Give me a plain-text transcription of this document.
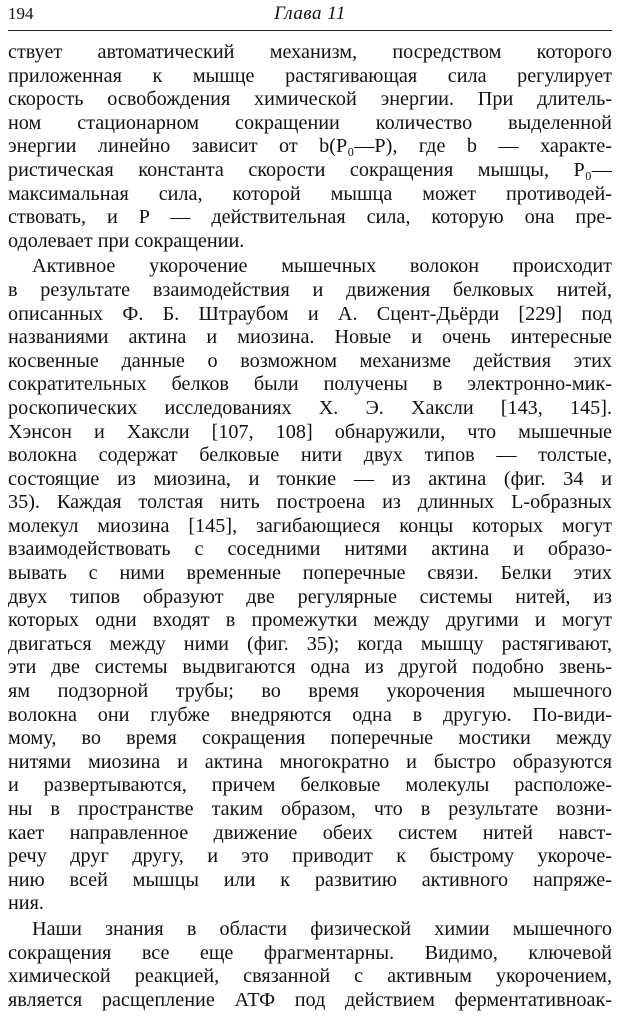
194	Глава 11
ствует автоматический механизм, посредством которого
приложенная к мышце растягивающая сила регулирует
скорость освобождения химической энергии. При длитель-
ном стационарном сокращении количество выделенной
энергии линейно зависит от b(P₀—P), где b — характе-
ристическая константа скорости сокращения мышцы, P₀—
максимальная сила, которой мышца может противодей-
ствовать, и P — действительная сила, которую она пре-
одолевает при сокращении.
Активное укорочение мышечных волокон происходит
в результате взаимодействия и движения белковых нитей,
описанных Ф. Б. Штраубом и А. Сцент-Дьёрди [229] под
названиями актина и миозина. Новые и очень интересные
косвенные данные о возможном механизме действия этих
сократительных белков были получены в электронно-мик-
роскопических исследованиях Х. Э. Хаксли [143, 145].
Хэнсон и Хаксли [107, 108] обнаружили, что мышечные
волокна содержат белковые нити двух типов — толстые,
состоящие из миозина, и тонкие — из актина (фиг. 34 и
35). Каждая толстая нить построена из длинных L-образных
молекул миозина [145], загибающиеся концы которых могут
взаимодействовать с соседними нитями актина и образо-
вывать с ними временные поперечные связи. Белки этих
двух типов образуют две регулярные системы нитей, из
которых одни входят в промежутки между другими и могут
двигаться между ними (фиг. 35); когда мышцу растягивают,
эти две системы выдвигаются одна из другой подобно звень-
ям подзорной трубы; во время укорочения мышечного
волокна они глубже внедряются одна в другую. По-види-
мому, во время сокращения поперечные мостики между
нитями миозина и актина многократно и быстро образуются
и развертываются, причем белковые молекулы расположе-
ны в пространстве таким образом, что в результате возни-
кает направленное движение обеих систем нитей навст-
речу друг другу, и это приводит к быстрому укороче-
нию всей мышцы или к развитию активного напряже-
ния.
Наши знания в области физической химии мышечного
сокращения все еще фрагментарны. Видимо, ключевой
химической реакцией, связанной с активным укорочением,
является расщепление АТФ под действием ферментативноак-
